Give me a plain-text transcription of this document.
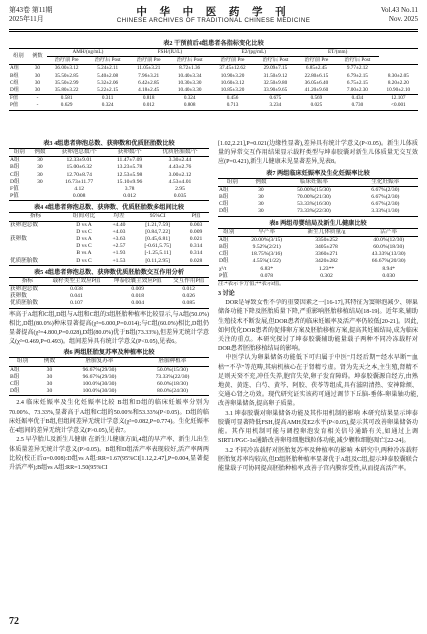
第43卷 第11期
2025年11月
中 华 中 医 药 学 刊
CHINESE ARCHIVES OF TRADITIONAL CHINESE MEDICINE
Vol.43 No.11
Nov. 2025
表2 干预前后4组患者各指标变化比较
组别	例数	AMH/(ng/mL)		FSH/(IU/L)		E2/(pg/mL)		ET/(mm)		
		治疗前 Pre	治疗后 Post	治疗前 Pre	治疗后 Post	治疗前 Pre	治疗后 Post	治疗前 Pre	治疗后 Post	
A组	30	36.00±3.12	5.24±2.11	11.05±3.21	8.72±1.36	37.45±12.62	29.09±7.15	6.85±2.45	9.77±2.12	
B组	30	35.50±2.85	5.40±2.08	7.96±3.21	10.40±3.34	10.90±3.20	31.50±9.12	22.80±6.15	6.79±2.15	8.30±2.05
C组	30	35.50±2.99	5.32±2.06	6.42±2.85	10.30±3.30	10.60±3.12	32.50±9.80	36.05±6.40	6.75±2.15	8.20±2.20
D组	30	35.80±3.22	5.22±2.15	4.18±2.45	10.40±3.30	10.85±3.20	33.90±9.65	41.20±9.60	7.00±2.30	10.90±2.10
F值	-	0.581	0.311	0.818	0.324	0.456	0.675	0.569	0.434	12.107
P值	-	0.629	0.324	0.012	0.808	0.713	3.234	0.025	0.730	<0.001
表3 4组患者卵泡总数、获卵数和优质胚胎数比较
组别	例数	获卵泡总数/个	获卵数/个	优质胚胎数/个
A组	30	12.33±9.01	11.47±7.09	3.30±2.44
B组	30	15.00±6.32	13.23±5.78	4.43±2.76
C组	30	12.70±8.74	12.53±5.98	3.00±2.12
D组	30	16.73±11.77	15.10±9.96	4.53±4.01
F值		4.12	3.78	2.95
P值		0.008	0.012	0.035
表4 4组患者卵泡总数、获卵数、优质胚胎数多组间比较
指标	组间对比	均差	95%CI	P值
获卵泡总数	D vs A	+4.40	[1.21,7.59]	0.003
	D vs C	+4.03	[0.84,7.22]	0.009
获卵数	D vs A	+3.63	[0.45,6.81]	0.021
	D vs C	+2.57	[-0.61,5.75]	0.314
	B vs A	+1.93	[-1.25,5.11]	0.314
优质胚胎数	D vs C	+1.53	[0.11,2.95]	0.028
表5 4组患者卵泡总数、获卵数优质胚胎数交互作用分析
指标	载籽类型主效应P值	坤泰胶囊主效应P值	交互作用P值
获卵泡总数	0.038	0.009	0.012
获卵数	0.041	0.018	0.026
优质胚胎数	0.107	0.004	0.085
率高于A组和C组,D组与A组和C组的3组胚胎种植率比较显示,与A组(50.0%)相比,D组(80.0%)种床显著提高(χ²=6.000,P=0.014);与C组(60.0%)相比,D组仍显著提高(χ²=4.800,P=0.028),D组(80.0%)优于B组(73.33%),但差异无统计学意义(χ²=0.469,P=0.493)。组间差异具有统计学意义(P<0.05),见表6。
表6 两组胚胎复苏率及种植率比较
组别	例数	胚胎复苏率	胚胎种植率
A组	30	96.67%(29/30)	50.0%(15/30)
B组	30	96.67%(29/30)	73.33%(22/30)
C组	30	100.0%(30/30)	60.0%(18/30)
D组	30	100.0%(30/30)	80.0%(24/30)

2.4 临床妊娠率及生化妊娠率比较 B组和D组的临床妊娠率分别为70.00%、73.33%,显著高于A组和C组的50.00%和53.33%(P<0.05)。D组的临床妊娠率优于B组,但组间差异无统计学意义(χ²=0.082,P=0.774)。生化妊娠率在4组间的差异无统计学意义(P>0.05),见表7。

2.5 早孕胎儿及新生儿健康 在新生儿健康方面,4组的早产率、新生儿出生体质量差异无统计学意义(P>0.05)。B组和D组活产率表现较好,活产率两两比较(校正后α=0.008):D组vs A组:RR=1.67(95%CI[1.12,2.47],P=0.004,显著提升活产率);B组vs A组:RR=1.50(95%CI

[1.02,2.21],P=0.021(边缘性显著),差异具有统计学意义(P<0.05)。新生儿体质量的异常交互作用结果显示载籽类型与坤泰胶囊对新生儿体质量无交互效应(P=0.421),新生儿健康未见显著差异,见表8。
表7 两组临床妊娠率及生化妊娠率比较
组别	例数	临床妊娠率	生化妊娠率
A组	30	50.00%(15/30)	6.67%(2/30)
B组	30	70.00%(21/30)	6.67%(2/30)
C组	30	53.33%(16/30)	6.67%(2/30)
D组	30	73.33%(22/30)	3.33%(1/30)
表8 两组母婴结局及新生儿健康比较
组别	早产率	新生儿体质量/g	活产率
A组	20.00%(3/15)	3350±252	40.0%(12/30)
B组	9.52%(2/21)	3405±278	60.0%(18/30)
C组	18.75%(3/16)	3360±271	43.33%(13/30)
D组	4.55%(1/22)	3420±282	66.67%(20/30)
χ²/t	6.83*	1.23**	8.94*
P值	0.078	0.302	0.030
注:*表示卡方值;**表示t值。
3 讨论

DOR是导致女性不孕的重要因素之一[16-17],其特征为窦卵泡减少、卵巢储备功能下降及胚胎质量下降,严重影响胚胎移植结局[18-19]。近年来,辅助生殖技术不断发展,但DOR患者的临床妊娠率及活产率仍较低[20-21]。因此,如何优化DOR患者的促排卵方案及胚胎移植方案,提高其妊娠结局,成为临床关注的重点。本研究探讨了坤泰胶囊辅助能量载子两种不同冷冻载籽对DOR患者胚胎移植结局的影响。

中医学认为卵巢储备功能低下可归属于中医"月经后期""经水早断""血枯""不孕"等范畴,其病机核心在于肾精亏虚。肾为先天之本,主生殖,肾精不足则天癸不充,冲任失养,胞宫失荣,卵子发育障碍。坤泰胶囊源自经方,由熟地黄、黄连、白芍、黄芩、阿胶、茯苓等组成,具有滋阴清热、安神除烦、交通心肾之功效。现代研究证实该药可通过调节下丘脑-垂体-卵巢轴功能,改善卵巢储备,提高卵子质量。

3.1 坤泰胶囊对卵巢储备功能及其作用机制的影响 本研究结果显示坤泰胶囊可显著降低FSH,提高AMH及E2水平(P<0.05),提示其可改善卵巢储备功能。其作用机制可能与调控卵泡发育相关信号通路有关,如通过上调SIRT1/PGC-1α通路改善卵母细胞线粒体功能,减少颗粒细胞凋亡[22-24]。

3.2 不同冷冻载籽对胚胎复苏率及种植率的影响 本研究中,两种冷冻载籽胚胎复苏率均较高,但D组胚胎种植率显著优于A组及C组,提示坤泰胶囊联合能量载子可协同提高胚胎种植率,改善子宫内膜容受性,从而提高活产率。

72
